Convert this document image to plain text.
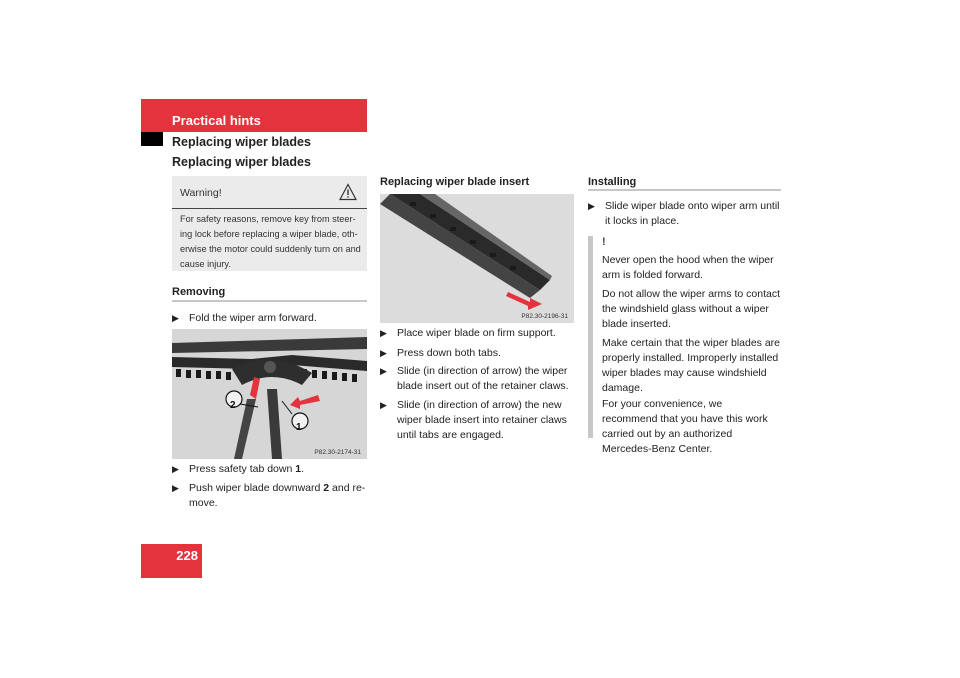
Practical hints
Replacing wiper blades
Replacing wiper blades
228
Warning!
For safety reasons, remove key from steer-ing lock before replacing a wiper blade, oth-erwise the motor could suddenly turn on and cause injury.
Removing
▶ Fold the wiper arm forward.
2
1
P82.30-2174-31
▶ Press safety tab down 1.
▶ Push wiper blade downward 2 and re-move.
Replacing wiper blade insert
P82.30-2196-31
▶ Place wiper blade on firm support.
▶ Press down both tabs.
▶ Slide (in direction of arrow) the wiper blade insert out of the retainer claws.
▶ Slide (in direction of arrow) the new wiper blade insert into retainer claws until tabs are engaged.
Installing
▶ Slide wiper blade onto wiper arm until it locks in place.
!
Never open the hood when the wiper arm is folded forward.
Do not allow the wiper arms to contact the windshield glass without a wiper blade inserted.
Make certain that the wiper blades are properly installed. Improperly installed wiper blades may cause windshield damage.
For your convenience, we recommend that you have this work carried out by an authorized Mercedes-Benz Center.
